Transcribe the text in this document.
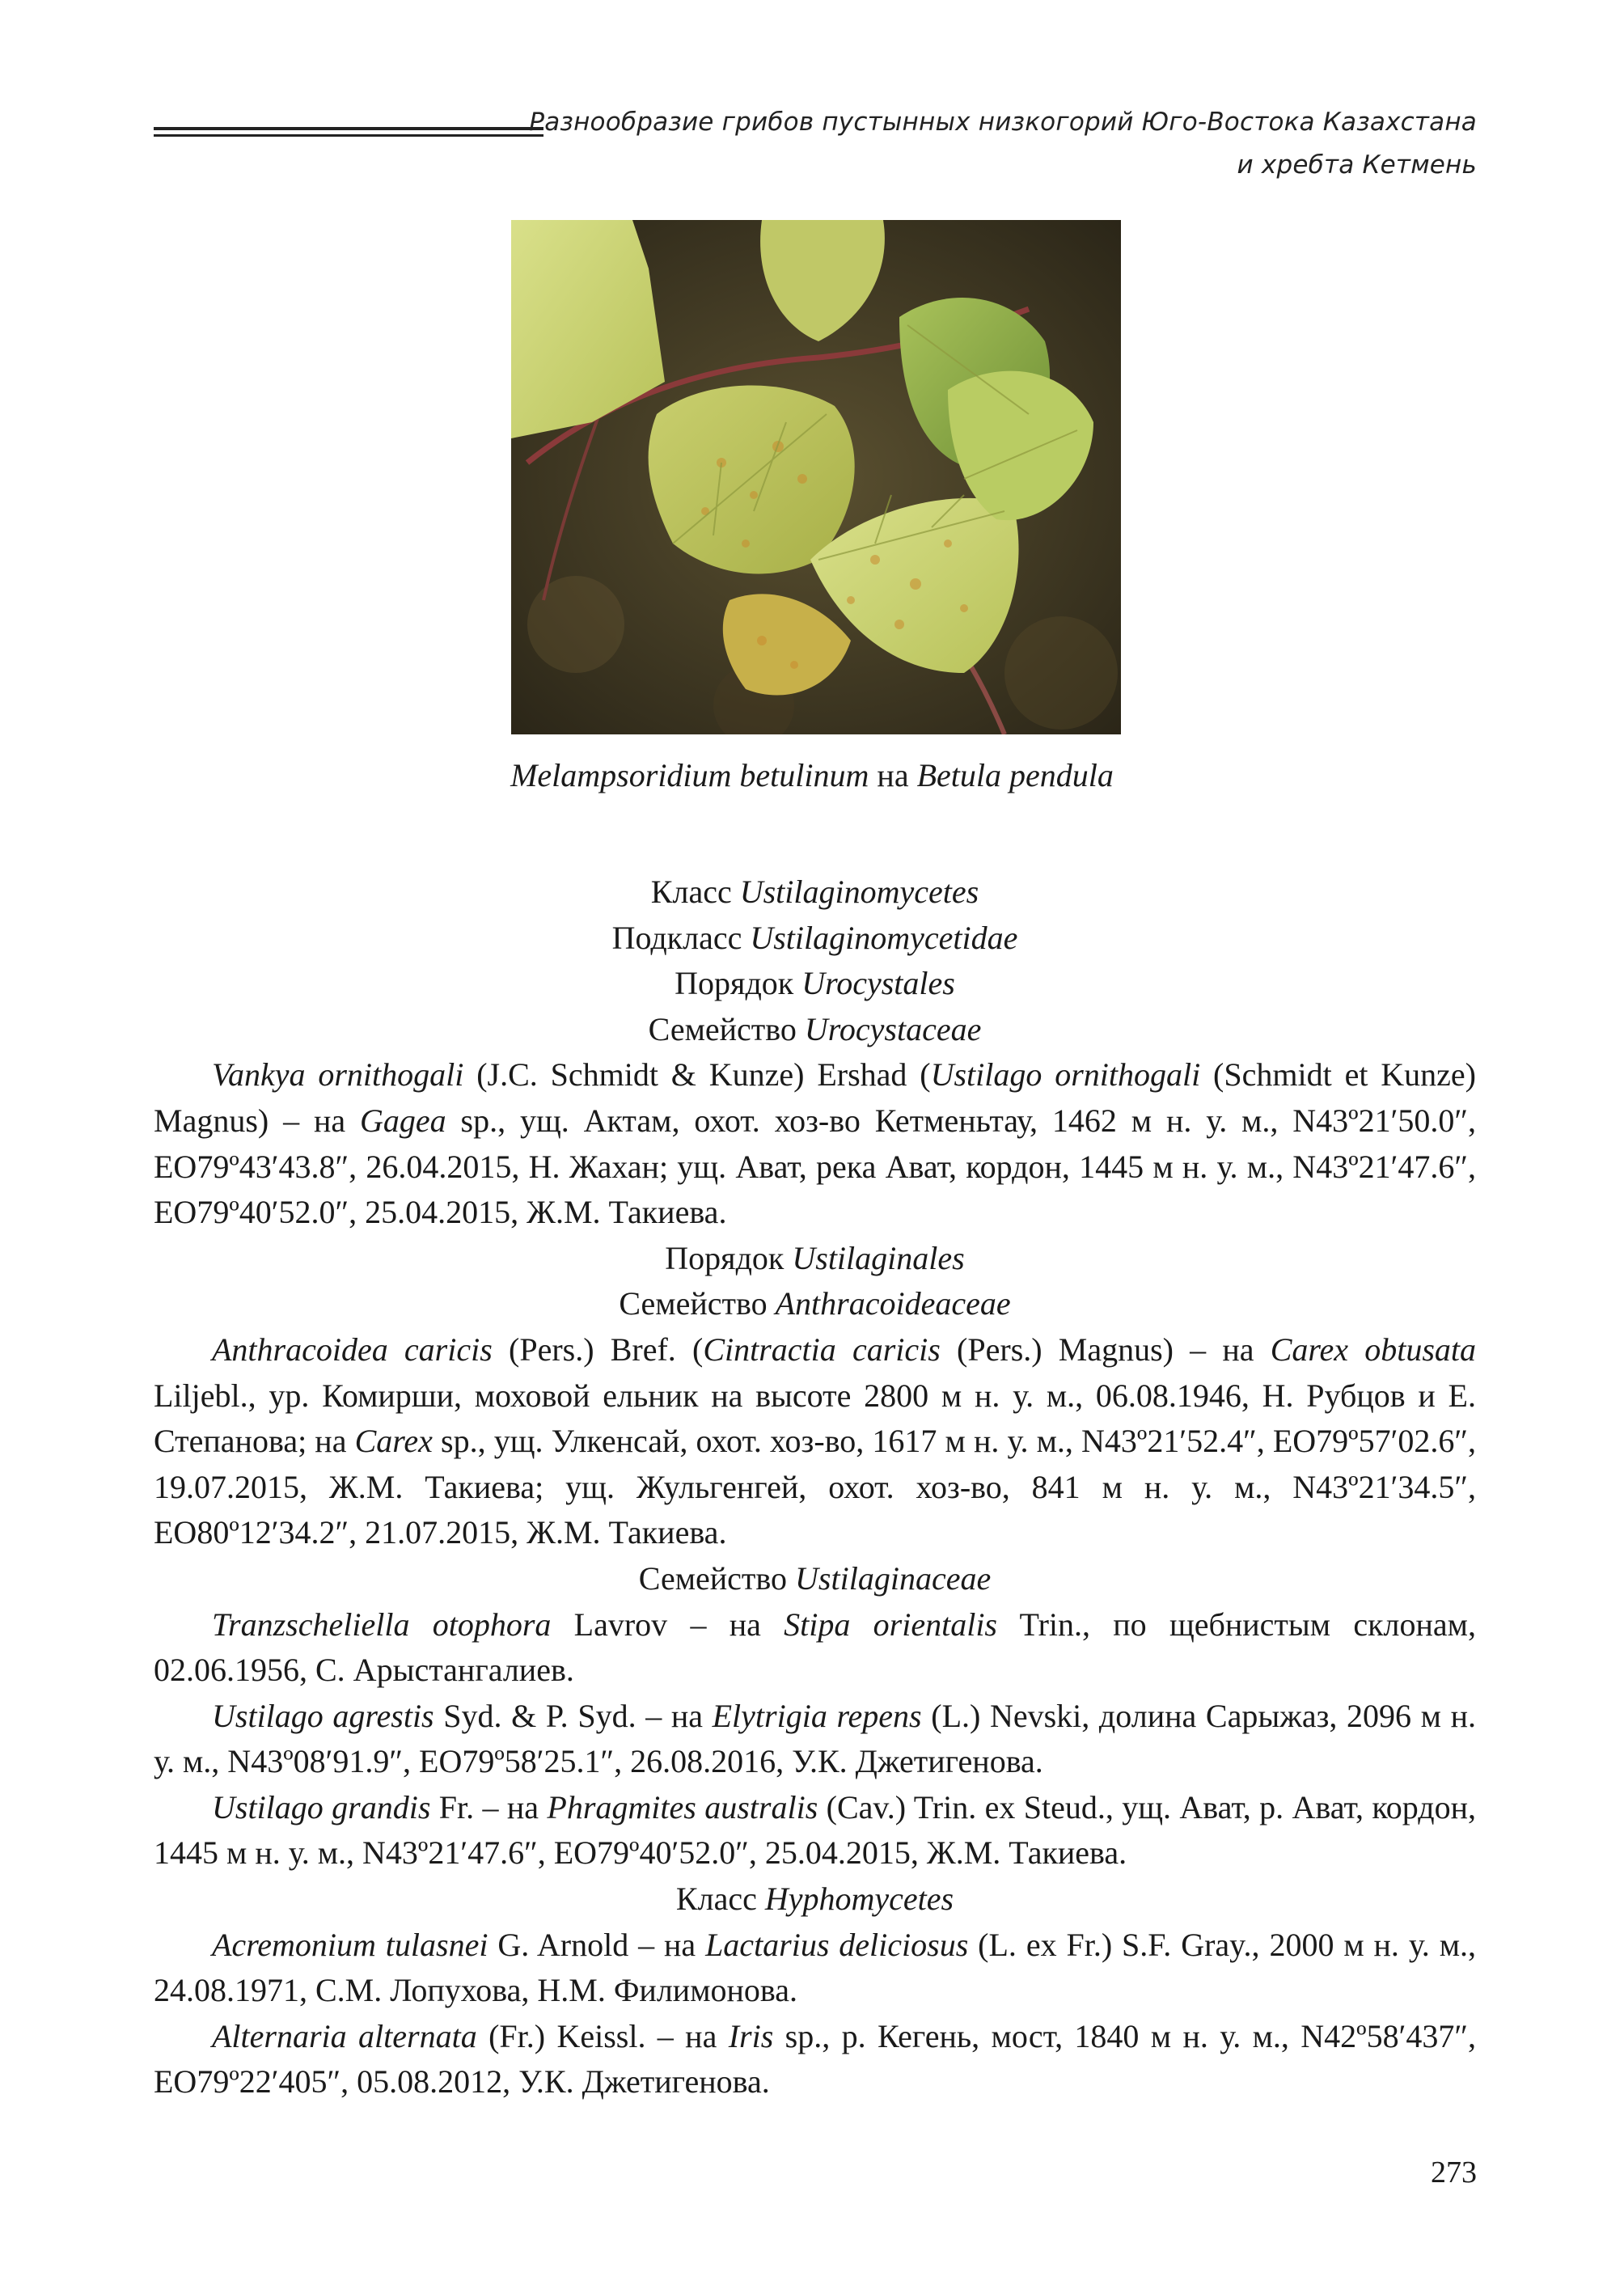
Разнообразие грибов пустынных низкогорий Юго-Востока Казахстана
и хребта Кетмень
Melampsoridium betulinum на Betula pendula
Класс Ustilaginomycetes
Подкласс Ustilaginomycetidae
Порядок Urocystales
Семейство Urocystaceae
Vankya ornithogali (J.C. Schmidt & Kunze) Ershad (Ustilago ornithogali (Schmidt et Kunze) Magnus) – на Gagea sp., ущ. Актам, охот. хоз-во Кетменьтау, 1462 м н. у. м., N43º21′50.0″, EO79º43′43.8″, 26.04.2015, Н. Жахан; ущ. Ават, река Ават, кордон, 1445 м н. у. м., N43º21′47.6″, EO79º40′52.0″, 25.04.2015, Ж.М. Такиева.
Порядок Ustilaginales
Семейство Anthracoideaceae
Anthracoidea caricis (Pers.) Bref. (Cintractia caricis (Pers.) Magnus) – на Carex obtusata Liljebl., ур. Комирши, моховой ельник на высоте 2800 м н. у. м., 06.08.1946, Н. Рубцов и Е. Степанова; на Carex sp., ущ. Улкенсай, охот. хоз-во, 1617 м н. у. м., N43º21′52.4″, EO79º57′02.6″, 19.07.2015, Ж.М. Такиева; ущ. Жульгенгей, охот. хоз-во, 841 м н. у. м., N43º21′34.5″, EO80º12′34.2″, 21.07.2015, Ж.М. Такиева.
Семейство Ustilaginaceae
Tranzscheliella otophora Lavrov – на Stipa orientalis Trin., по щебнистым склонам, 02.06.1956, С. Арыстангалиев.
Ustilago agrestis Syd. & P. Syd. – на Elytrigia repens (L.) Nevski, долина Сарыжаз, 2096 м н. у. м., N43º08′91.9″, EO79º58′25.1″, 26.08.2016, У.К. Джетигенова.
Ustilago grandis Fr. – на Phragmites australis (Cav.) Trin. ex Steud., ущ. Ават, р. Ават, кордон, 1445 м н. у. м., N43º21′47.6″, EO79º40′52.0″, 25.04.2015, Ж.М. Такиева.
Класс Hyphomycetes
Acremonium tulasnei G. Arnold – на Lactarius deliciosus (L. ex Fr.) S.F. Gray., 2000 м н. у. м., 24.08.1971, С.М. Лопухова, Н.М. Филимонова.
Alternaria alternata (Fr.) Keissl. – на Iris sp., р. Кегень, мост, 1840 м н. у. м., N42º58′437″, EO79º22′405″, 05.08.2012, У.К. Джетигенова.
273
